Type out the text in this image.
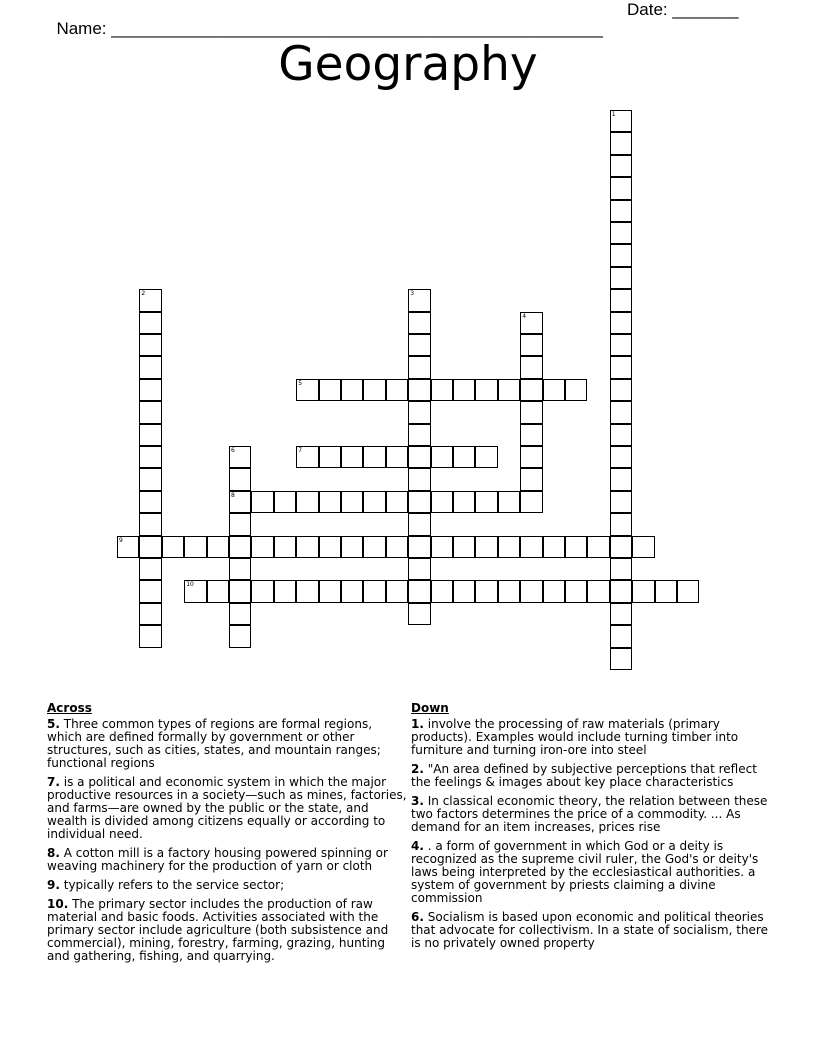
Name: ____________________________________________________

Date: _______

Geography
1
2	3
4
5
6
8
7
9
10
Across
5. Three common types of regions are formal regions, which are defined formally by government or other structures, such as cities, states, and mountain ranges; functional regions
7. is a political and economic system in which the major productive resources in a society—such as mines, factories, and farms—are owned by the public or the state, and wealth is divided among citizens equally or according to individual need.
8. A cotton mill is a factory housing powered spinning or weaving machinery for the production of yarn or cloth
9. typically refers to the service sector;
10. The primary sector includes the production of raw material and basic foods. Activities associated with the primary sector include agriculture (both subsistence and commercial), mining, forestry, farming, grazing, hunting and gathering, fishing, and quarrying.
Down
1. involve the processing of raw materials (primary products). Examples would include turning timber into furniture and turning iron-ore into steel
2. "An area defined by subjective perceptions that reflect the feelings & images about key place characteristics
3. In classical economic theory, the relation between these two factors determines the price of a commodity. ... As demand for an item increases, prices rise
4. . a form of government in which God or a deity is recognized as the supreme civil ruler, the God's or deity's laws being interpreted by the ecclesiastical authorities. a system of government by priests claiming a divine commission
6. Socialism is based upon economic and political theories that advocate for collectivism. In a state of socialism, there is no privately owned property
